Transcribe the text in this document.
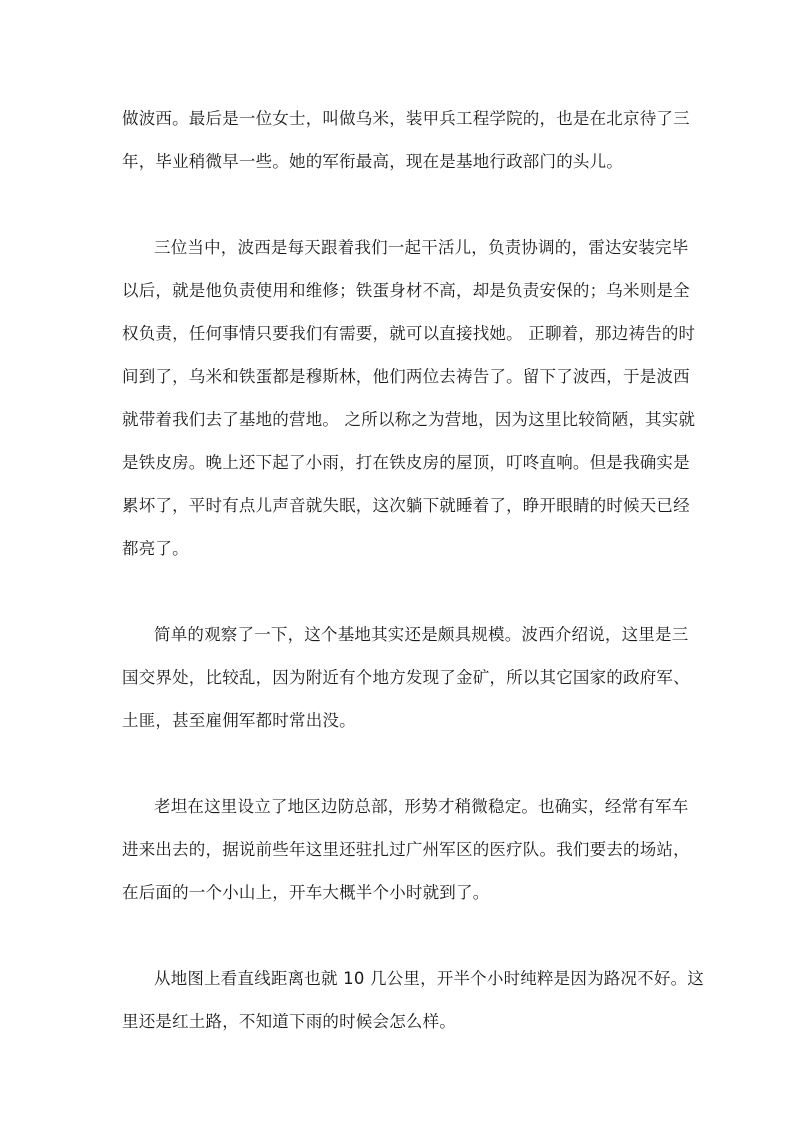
做波西。最后是一位女士，叫做乌米，装甲兵工程学院的，也是在北京待了三
年，毕业稍微早一些。她的军衔最高，现在是基地行政部门的头儿。
三位当中，波西是每天跟着我们一起干活儿，负责协调的，雷达安装完毕
以后，就是他负责使用和维修；铁蛋身材不高，却是负责安保的；乌米则是全
权负责，任何事情只要我们有需要，就可以直接找她。 正聊着，那边祷告的时
间到了，乌米和铁蛋都是穆斯林，他们两位去祷告了。留下了波西，于是波西
就带着我们去了基地的营地。 之所以称之为营地，因为这里比较简陋，其实就
是铁皮房。晚上还下起了小雨，打在铁皮房的屋顶，叮咚直响。但是我确实是
累坏了，平时有点儿声音就失眠，这次躺下就睡着了，睁开眼睛的时候天已经
都亮了。
简单的观察了一下，这个基地其实还是颇具规模。波西介绍说，这里是三
国交界处，比较乱，因为附近有个地方发现了金矿，所以其它国家的政府军、
土匪，甚至雇佣军都时常出没。
老坦在这里设立了地区边防总部，形势才稍微稳定。也确实，经常有军车
进来出去的，据说前些年这里还驻扎过广州军区的医疗队。我们要去的场站，
在后面的一个小山上，开车大概半个小时就到了。
从地图上看直线距离也就 10 几公里，开半个小时纯粹是因为路况不好。这
里还是红土路，不知道下雨的时候会怎么样。
